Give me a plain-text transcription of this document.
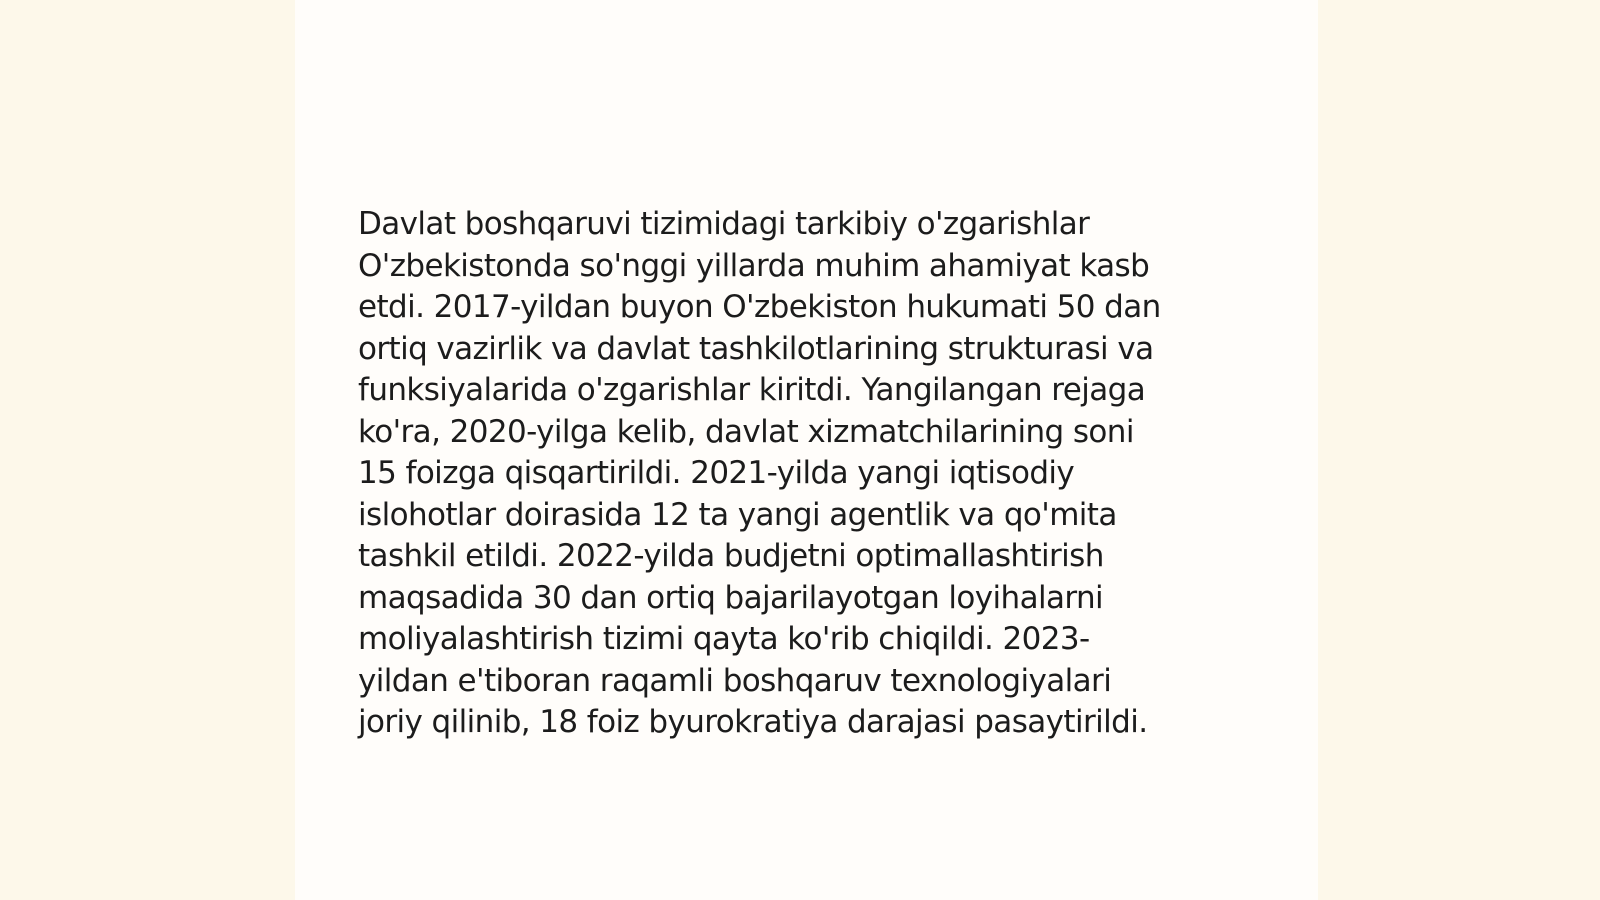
Davlat boshqaruvi tizimidagi tarkibiy o'zgarishlar
O'zbekistonda so'nggi yillarda muhim ahamiyat kasb
etdi. 2017-yildan buyon O'zbekiston hukumati 50 dan
ortiq vazirlik va davlat tashkilotlarining strukturasi va
funksiyalarida o'zgarishlar kiritdi. Yangilangan rejaga
ko'ra, 2020-yilga kelib, davlat xizmatchilarining soni
15 foizga qisqartirildi. 2021-yilda yangi iqtisodiy
islohotlar doirasida 12 ta yangi agentlik va qo'mita
tashkil etildi. 2022-yilda budjetni optimallashtirish
maqsadida 30 dan ortiq bajarilayotgan loyihalarni
moliyalashtirish tizimi qayta ko'rib chiqildi. 2023-
yildan e'tiboran raqamli boshqaruv texnologiyalari
joriy qilinib, 18 foiz byurokratiya darajasi pasaytirildi.
